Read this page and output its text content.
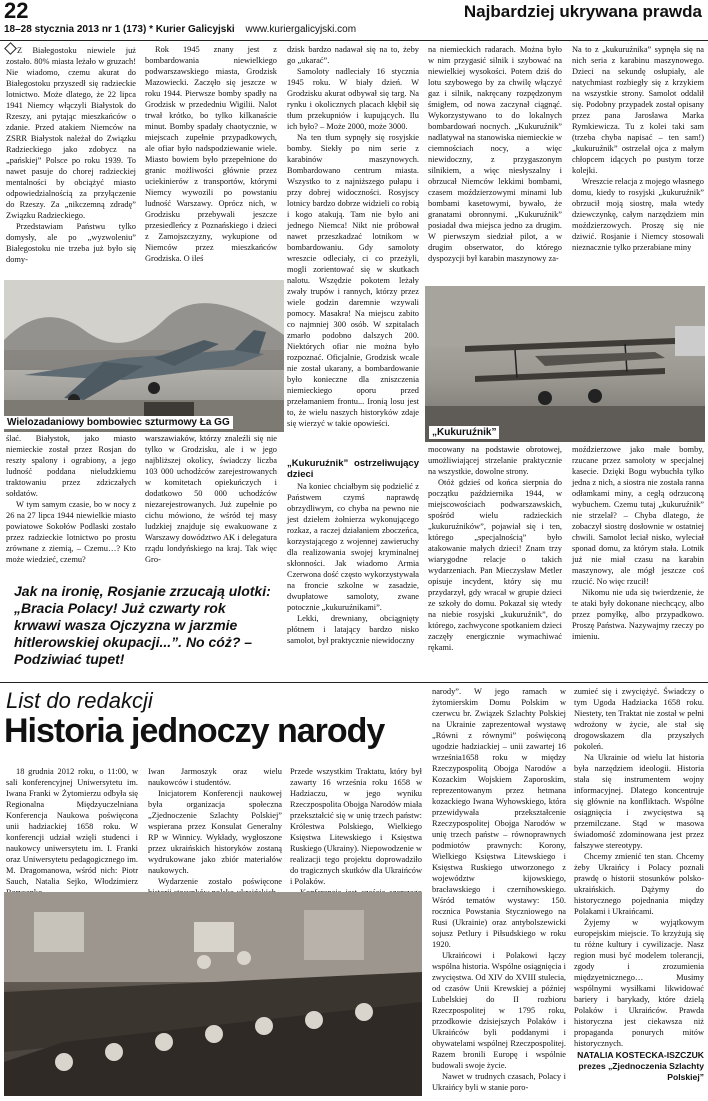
22
18–28 stycznia 2013 nr 1 (173) * Kurier Galicyjski www.kuriergalicyjski.com
Najbardziej ukrywana prawda

Z Białegostoku niewiele już zostało. 80% miasta leżało w gruzach! Nie wiadomo, czemu akurat do Białegostoku przyszedł się radzieckie lotnictwo. Może dlatego, że 22 lipca 1941 Niemcy włączyli Białystok do Rzeszy, ani pytając mieszkańców o zdanie. Przed atakiem Niemców na ZSRR Białystok należał do Związku Radzieckiego jako zdobycz na „pańskiej” Polsce po roku 1939. To nawet pasuje do chorej radzieckiej mentalności by obciążyć miasto odpowiedzialnością za przyłączenie do Rzeszy. Za „nikczemną zdradę” Związku Radzieckiego.

Przedstawiam Państwu tylko domysły, ale po „wyzwoleniu” Białegostoku nie trzeba już było się domy-

Rok 1945 znany jest z bombardowania niewielkiego podwarszawskiego miasta, Grodzisk Mazowiecki. Zaczęło się jeszcze w roku 1944. Pierwsze bomby spadły na Grodzisk w przededniu Wigilii. Nalot trwał krótko, bo tylko kilkanaście minut. Bomby spadały chaotycznie, w miejscach zupełnie przypadkowych, ale ofiar było nadspodziewanie wiele. Miasto bowiem było przepełnione do granic możliwości głównie przez uciekinierów z transportów, którymi Niemcy wywozili po powstaniu ludność Warszawy. Oprócz nich, w Grodzisku przebywali jeszcze przesiedleńcy z Poznańskiego i dzieci z Zamojszczyzny, wykupione od Niemców przez mieszkańców Grodziska. O ileś

dzisk bardzo nadawał się na to, żeby go „ukarać”.

Samoloty nadleciały 16 stycznia 1945 roku. W biały dzień. W Grodzisku akurat odbywał się targ. Na rynku i okolicznych placach kłębił się tłum przekupniów i kupujących. Ilu ich było? – Może 2000, może 3000.

Na ten tłum sypnęły się rosyjskie bomby. Siekły po nim serie z karabinów maszynowych. Bombardowano centrum miasta. Wszystko to z najniższego pułapu i przy dobrej widoczności. Rosyjscy lotnicy bardzo dobrze widzieli co robią i kogo atakują. Tam nie było ani jednego Niemca! Nikt nie próbował nawet przeszkadzać lotnikom w bombardowaniu. Gdy samoloty wreszcie odleciały, ci co przeżyli, mogli zorientować się w skutkach nalotu. Wszędzie pokotem leżały zwały trupów i rannych, którzy przez wiele godzin daremnie wzywali pomocy. Masakra! Na miejscu zabito co najmniej 300 osób. W szpitalach zmarło podobno dalszych 200. Niektórych ofiar nie można było rozpoznać. Oficjalnie, Grodzisk wcale nie został ukarany, a bombardowanie było konieczne dla zniszczenia niemieckiego oporu przed przełamaniem frontu... Ironią losu jest to, że wielu naszych historyków zdaje się wierzyć w takie opowieści.

na niemieckich radarach. Można było w nim przygasić silnik i szybować na niewielkiej wysokości. Potem dziś do lotu szybowego by za chwilę włączyć gaz i silnik, nakręcany rozpędzonym śmigłem, od nowa zaczynał ciągnąć. Wykorzystywano to do lokalnych bombardowań nocnych. „Kukuruźnik” nadlatywał na stanowiska niemieckie w ciemnościach nocy, a więc niewidoczny, z przygaszonym silnikiem, a więc niesłyszalny i obrzucał Niemców lekkimi bombami, czasem moździerzowymi minami lub bombami kasetowymi, bywało, że granatami obronnymi. „Kukuruźnik” posiadał dwa miejsca jedno za drugim. W pierwszym siedział pilot, a w drugim obserwator, do którego dyspozycji był karabin maszynowy za-

Na to z „kukuruźnika” sypnęła się na nich seria z karabinu maszynowego. Dzieci na sekundę osłupiały, ale natychmiast rozbiegły się z krzykiem na wszystkie strony. Samolot oddalił się. Podobny przypadek został opisany przez pana Jarosława Marka Rymkiewicza. Tu z kolei taki sam (trzeba chyba napisać – ten sam!) „kukuruźnik” ostrzelał ojca z małym chłopcem idących po pustym torze kolejki.

Wreszcie relacja z mojego własnego domu, kiedy to rosyjski „kukuruźnik” obrzucił moją siostrę, mała wtedy dziewczynkę, całym narzędziem min moździerzowych. Proszę się nie dziwić. Rosjanie i Niemcy stosowali nieznacznie tylko przerabiane miny

Wielozadaniowy bombowiec szturmowy Ła GG
„Kukuruźnik”

ślać. Białystok, jako miasto niemieckie został przez Rosjan do reszty spalony i ograbiony, a jego ludność poddana nieludzkiemu traktowaniu przez zdziczałych sołdatów.

W tym samym czasie, bo w nocy z 26 na 27 lipca 1944 niewielkie miasto powiatowe Sokołów Podlaski zostało przez radzieckie lotnictwo po prostu zrównane z ziemią, – Czemu…? Kto może wiedzieć, czemu?

warszawiaków, którzy znaleźli się nie tylko w Grodzisku, ale i w jego najbliższej okolicy, świadczy liczba 103 000 uchodźców zarejestrowanych w komitetach opiekuńczych i dodatkowo 50 000 uchodźców niezarejestrowanych. Już zupełnie po cichu mówiono, że wśród tej masy ludzkiej znajduje się ewakuowane z Warszawy dowództwo AK i delegatura rządu londyńskiego na kraj. Tak więc Gro-

„Kukuruźnik” ostrzeliwujący dzieci

Na koniec chciałbym się podzielić z Państwem czymś naprawdę obrzydliwym, co chyba na pewno nie jest dziełem żołnierza wykonującego rozkaz, a raczej działaniem zboczeńca, korzystającego z wojennej zawieruchy dla realizowania swojej kryminalnej skłonności. Jak wiadomo Armia Czerwona dość często wykorzystywała na froncie szkolne w zasadzie, dwupłatowe samoloty, zwane potocznie „kukuruźnikami”.

Lekki, drewniany, obciągnięty płótnem i latający bardzo nisko samolot, był praktycznie niewidoczny

mocowany na podstawie obrotowej, umożliwiającej strzelanie praktycznie na wszystkie, dowolne strony.

Otóż gdzieś od końca sierpnia do początku października 1944, w miejscowościach podwarszawskich, spośród wielu radzieckich „kukuruźników”, pojawiał się i ten, którego „specjalnością” było atakowanie małych dzieci! Znam trzy wiarygodne relacje o takich wydarzeniach. Pan Mieczysław Metler opisuje incydent, który się mu przydarzył, gdy wracał w grupie dzieci ze szkoły do domu. Pokazał się wtedy na niebie rosyjski „kukuruźnik”, do którego, zachwycone spotkaniem dzieci zaczęły energicznie wymachiwać rękami.

moździerzowe jako małe bomby, rzucane przez samoloty w specjalnej kasecie. Dzięki Bogu wybuchła tylko jedna z nich, a siostra nie została ranna odłamkami miny, a cegłą odrzuconą wybuchem. Czemu tutaj „kukuruźnik” nie strzelał? – Chyba dlatego, że zobaczył siostrę dosłownie w ostatniej chwili. Samolot leciał nisko, wyleciał sponad domu, za którym stała. Lotnik już nie miał czasu na karabin maszynowy, ale mógł jeszcze coś rzucić. No więc rzucił!

Nikomu nie uda się twierdzenie, że te ataki były dokonane niechcący, albo przez pomyłkę, albo przypadkowo. Proszę Państwa. Nazywajmy rzeczy po imieniu.

Jak na ironię, Rosjanie zrzucają ulotki: „Bracia Polacy! Już czwarty rok krwawi wasza Ojczyzna w jarzmie hitlerowskiej okupacji...”. No cóż? – Podziwiać tupet!
List do redakcji
Historia jednoczy narody

18 grudnia 2012 roku, o 11:00, w sali konferencyjnej Uniwersytetu im. Iwana Franki w Żytomierzu odbyła się Regionalna Międzyuczelniana Konferencja Naukowa poświęcona unii hadziackiej 1658 roku. W konferencji udział wzięli studenci i naukowcy uniwersytetu im. I. Franki oraz Uniwersytetu pedagogicznego im. M. Dragomanowa, wśród nich: Piotr Sauch, Natalia Sejko, Włodzimierz

Iwan Jarmoszyk oraz wielu naukowców i studentów.

Inicjatorem Konferencji naukowej była organizacja społeczna „Zjednoczenie Szlachty Polskiej” wspierana przez Konsulat Generalny RP w Winnicy. Wykłady, wygłoszone przez ukraińskich historyków zostaną wydrukowane jako zbiór materiałów naukowych.

Wydarzenie zostało poświęcone

Przede wszystkim Traktatu, który był zawarty 16 września roku 1658 w Hadziaczu, w jego wyniku Rzeczpospolita Obojga Narodów miała przekształcić się w unię trzech państw: Królestwa Polskiego, Wielkiego Księstwa Litewskiego i Księstwa Ruskiego (Ukrainy). Niepowodzenie w realizacji tego projektu doprowadziło do tragicznych skutków dla Ukraińców i Polaków.

narody”. W jego ramach w żytomierskim Domu Polskim w czerwcu br. Związek Szlachty Polskiej na Ukrainie zaprezentował wystawę „Równi z równymi” poświęconą ugodzie hadziackiej – unii zawartej 16 września1658 roku w między Rzeczypospolitą Obojga Narodów a Kozackim Wojskiem Zaporoskim, reprezentowanym przez hetmana kozackiego Iwana Wyhowskiego, która przewidywała przekształcenie Rzeczypospolitej Obojga Narodów w unię trzech państw – równoprawnych podmiotów prawnych: Korony, Wielkiego Księstwa Litewskiego i Księstwa Ruskiego utworzonego z województw kijowskiego, bracławskiego i czernihowskiego. Wśród tematów wystawy: 150. rocznica Powstania Styczniowego na Rusi (Ukrainie) oraz antybolszewicki sojusz Petlury i Piłsudskiego w roku 1920.

Ukraińcowi i Polakowi łączy wspólna historia. Wspólne osiągnięcia i zwycięstwa. Od XIV do XVIII stulecia, od czasów Unii Krewskiej a później Lubelskiej do II rozbioru Rzeczpospolitej w 1795 roku, przodkowie dzisiejszych Polaków i Ukraińców byli poddanymi i obywatelami wspólnej Rzeczpospolitej. Razem bronili Europę i wspólnie budowali swoje życie.

Nawet w trudnych czasach, Polacy i Ukraińcy byli w stanie poro-

zumieć się i zwyciężyć. Świadczy o tym Ugoda Hadziacka 1658 roku. Niestety, ten Traktat nie został w pełni wdrożony w życie, ale stał się drogowskazem dla przyszłych pokoleń.

Na Ukrainie od wielu lat historia była narzędziem ideologii. Historia stała się instrumentem wojny informacyjnej. Dlatego koncentruje się głównie na konfliktach. Wspólne osiągnięcia i zwycięstwa są przemilczane. Stąd w masowa świadomość zdominowana jest przez fałszywe stereotypy.

Chcemy zmienić ten stan. Chcemy żeby Ukraińcy i Polacy poznali prawdę o historii stosunków polsko-ukraińskich. Dążymy do historycznego pojednania między Polakami i Ukraińcami.

Żyjemy w wyjątkowym europejskim miejscie. To krzyżują się tu różne kultury i cywilizacje. Nasz region musi być modelem tolerancji, zgody i zrozumienia międzyetnicznego… Musimy wspólnymi wysiłkami likwidować bariery i barykady, które dzielą Polaków i Ukraińców. Prawda historyczna jest ciekawsza niż propaganda ponurych mitów historycznych.

NATALIA KOSTECKA-ISZCZUK
prezes „Zjednoczenia Szlachty Polskiej”
